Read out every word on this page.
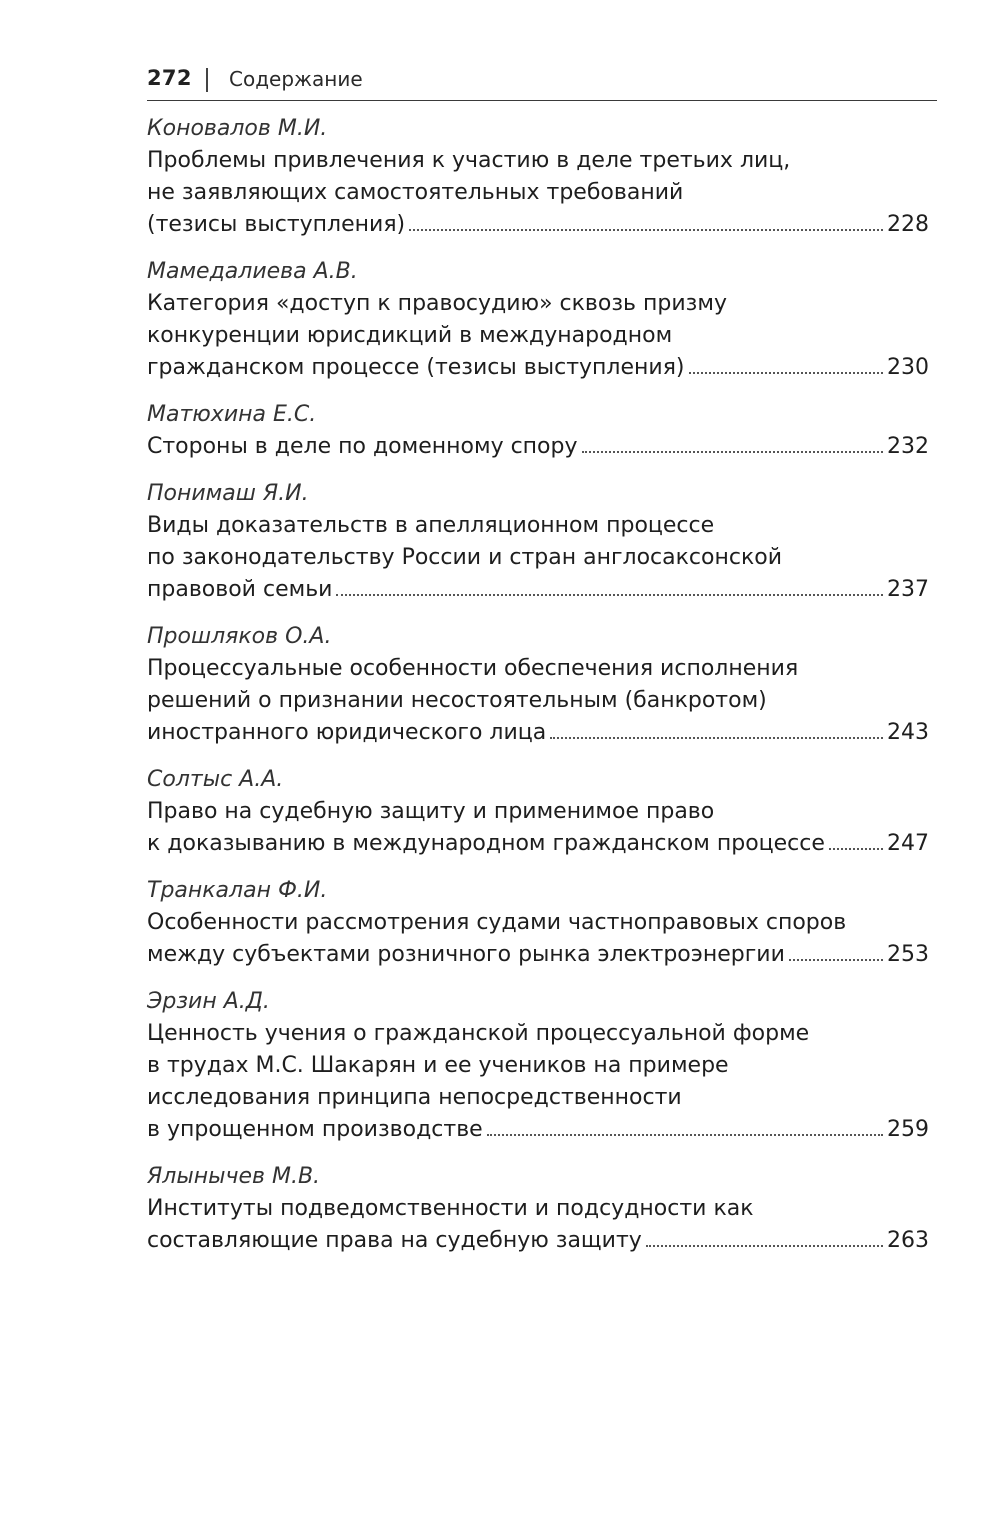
272 Содержание
Коновалов М.И.
Проблемы привлечения к участию в деле третьих лиц,
не заявляющих самостоятельных требований
(тезисы выступления)	228
Мамедалиева А.В.
Категория «доступ к правосудию» сквозь призму
конкуренции юрисдикций в международном
гражданском процессе (тезисы выступления)	230
Матюхина Е.С.
Стороны в деле по доменному спору	232
Понимаш Я.И.
Виды доказательств в апелляционном процессе
по законодательству России и стран англосаксонской
правовой семьи	237
Прошляков О.А.
Процессуальные особенности обеспечения исполнения
решений о признании несостоятельным (банкротом)
иностранного юридического лица	243
Солтыс А.А.
Право на судебную защиту и применимое право
к доказыванию в международном гражданском процессе	247
Транкалан Ф.И.
Особенности рассмотрения судами частноправовых споров
между субъектами розничного рынка электроэнергии	253
Эрзин А.Д.
Ценность учения о гражданской процессуальной форме
в трудах М.С. Шакарян и ее учеников на примере
исследования принципа непосредственности
в упрощенном производстве	259
Ялынычев М.В.
Институты подведомственности и подсудности как
составляющие права на судебную защиту	263
